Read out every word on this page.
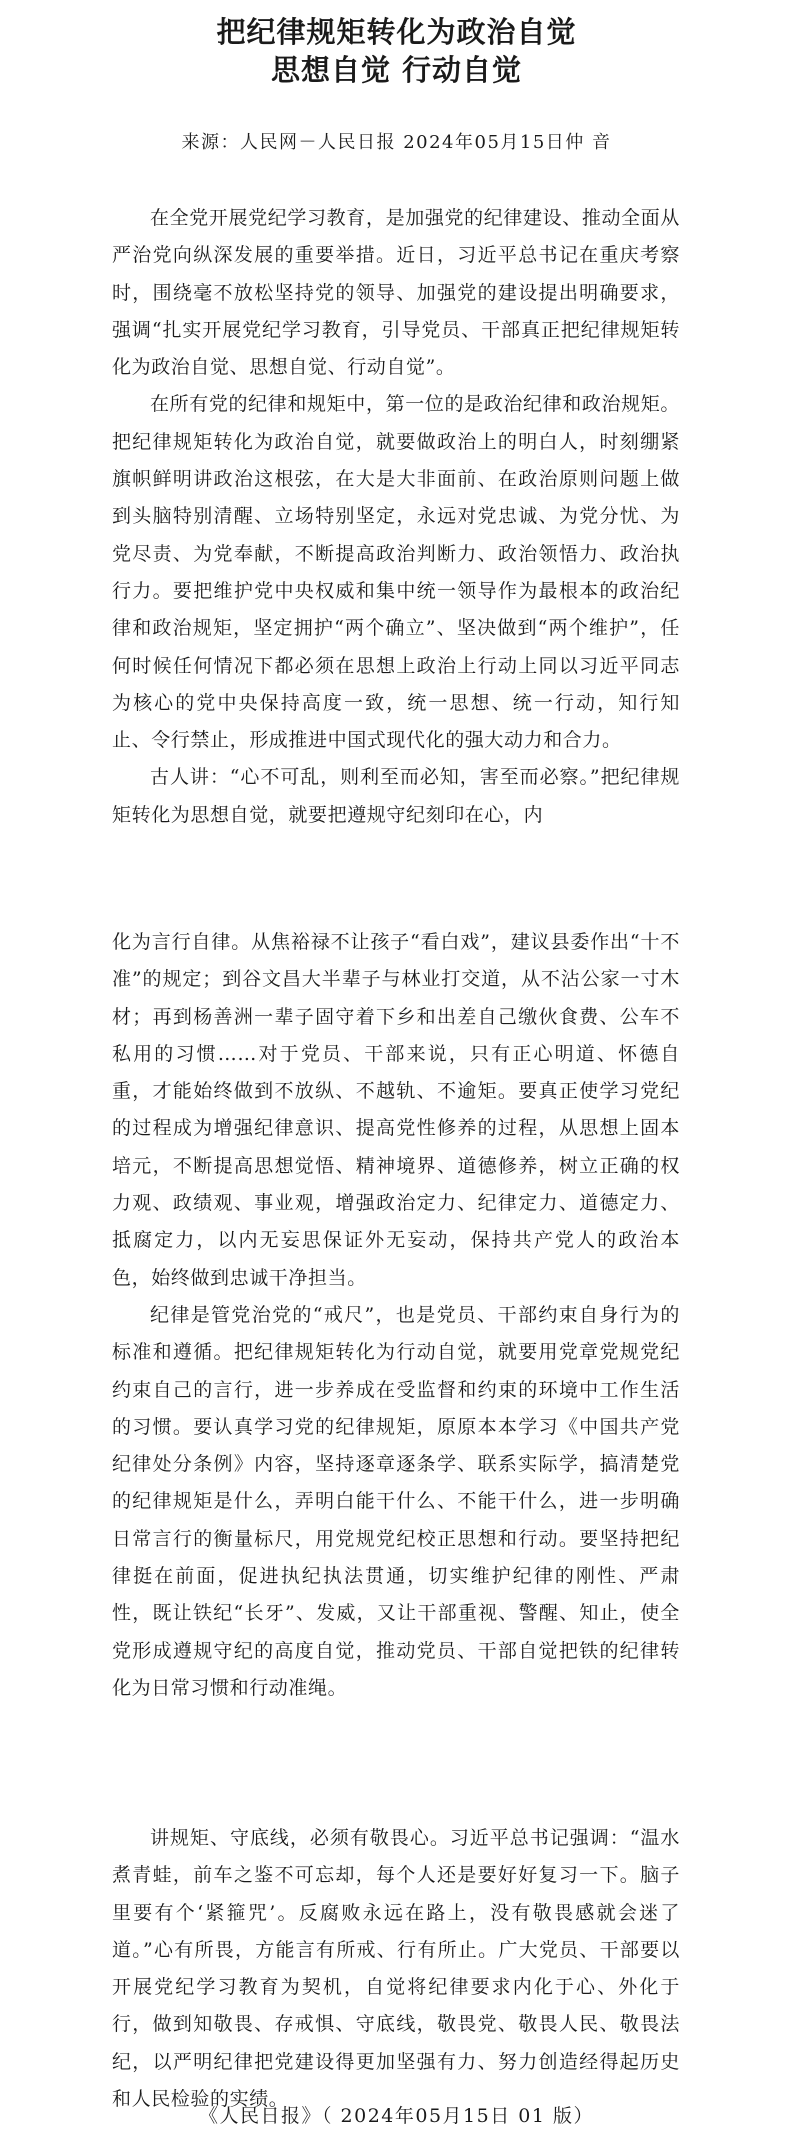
把纪律规矩转化为政治自觉
思想自觉 行动自觉
来源：人民网－人民日报 2024年05月15日仲 音

在全党开展党纪学习教育，是加强党的纪律建设、推动全面从严治党向纵深发展的重要举措。近日，习近平总书记在重庆考察时，围绕毫不放松坚持党的领导、加强党的建设提出明确要求，强调“扎实开展党纪学习教育，引导党员、干部真正把纪律规矩转化为政治自觉、思想自觉、行动自觉”。

在所有党的纪律和规矩中，第一位的是政治纪律和政治规矩。把纪律规矩转化为政治自觉，就要做政治上的明白人，时刻绷紧旗帜鲜明讲政治这根弦，在大是大非面前、在政治原则问题上做到头脑特别清醒、立场特别坚定，永远对党忠诚、为党分忧、为党尽责、为党奉献，不断提高政治判断力、政治领悟力、政治执行力。要把维护党中央权威和集中统一领导作为最根本的政治纪律和政治规矩，坚定拥护“两个确立”、坚决做到“两个维护”，任何时候任何情况下都必须在思想上政治上行动上同以习近平同志为核心的党中央保持高度一致，统一思想、统一行动，知行知止、令行禁止，形成推进中国式现代化的强大动力和合力。

古人讲：“心不可乱，则利至而必知，害至而必察。”把纪律规矩转化为思想自觉，就要把遵规守纪刻印在心，内

化为言行自律。从焦裕禄不让孩子“看白戏”，建议县委作出“十不准”的规定；到谷文昌大半辈子与林业打交道，从不沾公家一寸木材；再到杨善洲一辈子固守着下乡和出差自己缴伙食费、公车不私用的习惯……对于党员、干部来说，只有正心明道、怀德自重，才能始终做到不放纵、不越轨、不逾矩。要真正使学习党纪的过程成为增强纪律意识、提高党性修养的过程，从思想上固本培元，不断提高思想觉悟、精神境界、道德修养，树立正确的权力观、政绩观、事业观，增强政治定力、纪律定力、道德定力、抵腐定力，以内无妄思保证外无妄动，保持共产党人的政治本色，始终做到忠诚干净担当。

纪律是管党治党的“戒尺”，也是党员、干部约束自身行为的标准和遵循。把纪律规矩转化为行动自觉，就要用党章党规党纪约束自己的言行，进一步养成在受监督和约束的环境中工作生活的习惯。要认真学习党的纪律规矩，原原本本学习《中国共产党纪律处分条例》内容，坚持逐章逐条学、联系实际学，搞清楚党的纪律规矩是什么，弄明白能干什么、不能干什么，进一步明确日常言行的衡量标尺，用党规党纪校正思想和行动。要坚持把纪律挺在前面，促进执纪执法贯通，切实维护纪律的刚性、严肃性，既让铁纪“长牙”、发威，又让干部重视、警醒、知止，使全党形成遵规守纪的高度自觉，推动党员、干部自觉把铁的纪律转化为日常习惯和行动准绳。

讲规矩、守底线，必须有敬畏心。习近平总书记强调：“温水煮青蛙，前车之鉴不可忘却，每个人还是要好好复习一下。脑子里要有个‘紧箍咒’。反腐败永远在路上，没有敬畏感就会迷了道。”心有所畏，方能言有所戒、行有所止。广大党员、干部要以开展党纪学习教育为契机，自觉将纪律要求内化于心、外化于行，做到知敬畏、存戒惧、守底线，敬畏党、敬畏人民、敬畏法纪，以严明纪律把党建设得更加坚强有力、努力创造经得起历史和人民检验的实绩。

《人民日报》（ 2024年05月15日 01 版）
